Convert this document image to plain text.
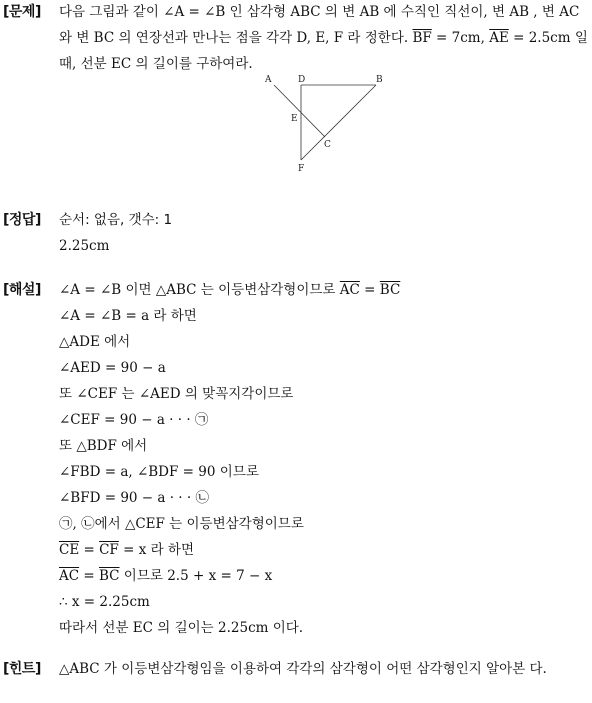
[문제] 다음 그림과 같이 ∠A = ∠B 인 삼각형 ABC 의 변 AB 에 수직인 직선이, 변 AB , 변 AC 와 변 BC 의 연장선과 만나는 점을 각각 D, E, F 라 정한다. $\overline{BF} = 7cm$, $\overline{AE} = 2.5cm$ 일 때, 선분 EC 의 길이를 구하여라.
A	D	B
E
C
F
[정답] 순서: 없음, 갯수: 1
2.25cm
[해설] ∠A = ∠B 이면 △ABC 는 이등변삼각형이므로 $\overline{AC} = \overline{BC}$
∠A = ∠B = a 라 하면
△ADE 에서
∠AED = 90 − a
또 ∠CEF 는 ∠AED 의 맞꼭지각이므로
∠CEF = 90 − a · · · ㉠
또 △BDF 에서
∠FBD = a, ∠BDF = 90 이므로
∠BFD = 90 − a · · · ㉡
㉠, ㉡에서 △CEF 는 이등변삼각형이므로
$\overline{CE} = \overline{CF} = x$ 라 하면
$\overline{AC} = \overline{BC}$ 이므로 2.5 + x = 7 − x
∴ x = 2.25cm
따라서 선분 EC 의 길이는 2.25cm 이다.
[힌트] △ABC 가 이등변삼각형임을 이용하여 각각의 삼각형이 어떤 삼각형인지 알아본 다.
